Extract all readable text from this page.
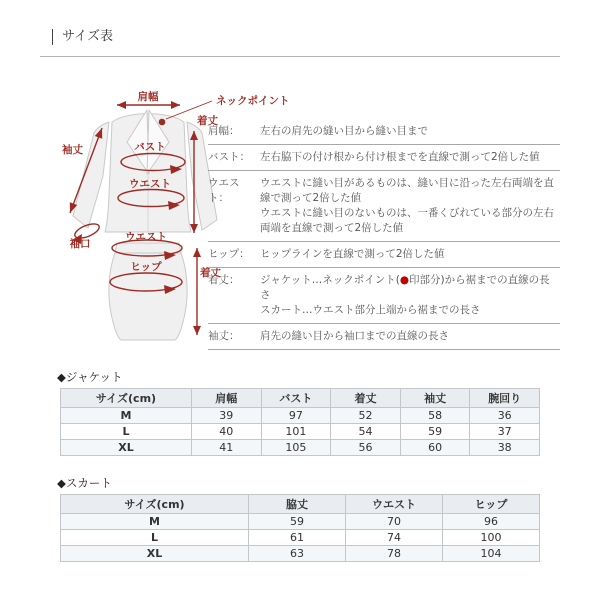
サイズ表
肩幅	ネックポイント
着丈
袖丈	バスト
ウエスト
袖口
ウエスト
ヒップ	着丈
肩幅：	左右の肩先の縫い目から縫い目まで

バスト： 左右脇下の付け根から付け根までを直線で測って2倍した値

ウエスト：

ウエストに縫い目があるものは、縫い目に沿った左右両端を直線で測って2倍した値

ウエストに縫い目のないものは、一番くびれている部分の左右両端を直線で測って2倍した値

ヒップ： ヒップラインを直線で測って2倍した値

着丈：	ジャケット…ネックポイント(●印部分)から裾までの直線の長さ

スカート…ウエスト部分上端から裾までの長さ

袖丈：	肩先の縫い目から袖口までの直線の長さ

◆ジャケット

サイズ(cm)	肩幅	バスト	着丈	袖丈	腕回り
M	39	97	52	58	36
L	40	101	54	59	37
XL	41	105	56	60	38

◆スカート

サイズ(cm)	脇丈	ウエスト	ヒップ
M	59	70	96
L	61	74	100
XL	63	78	104
